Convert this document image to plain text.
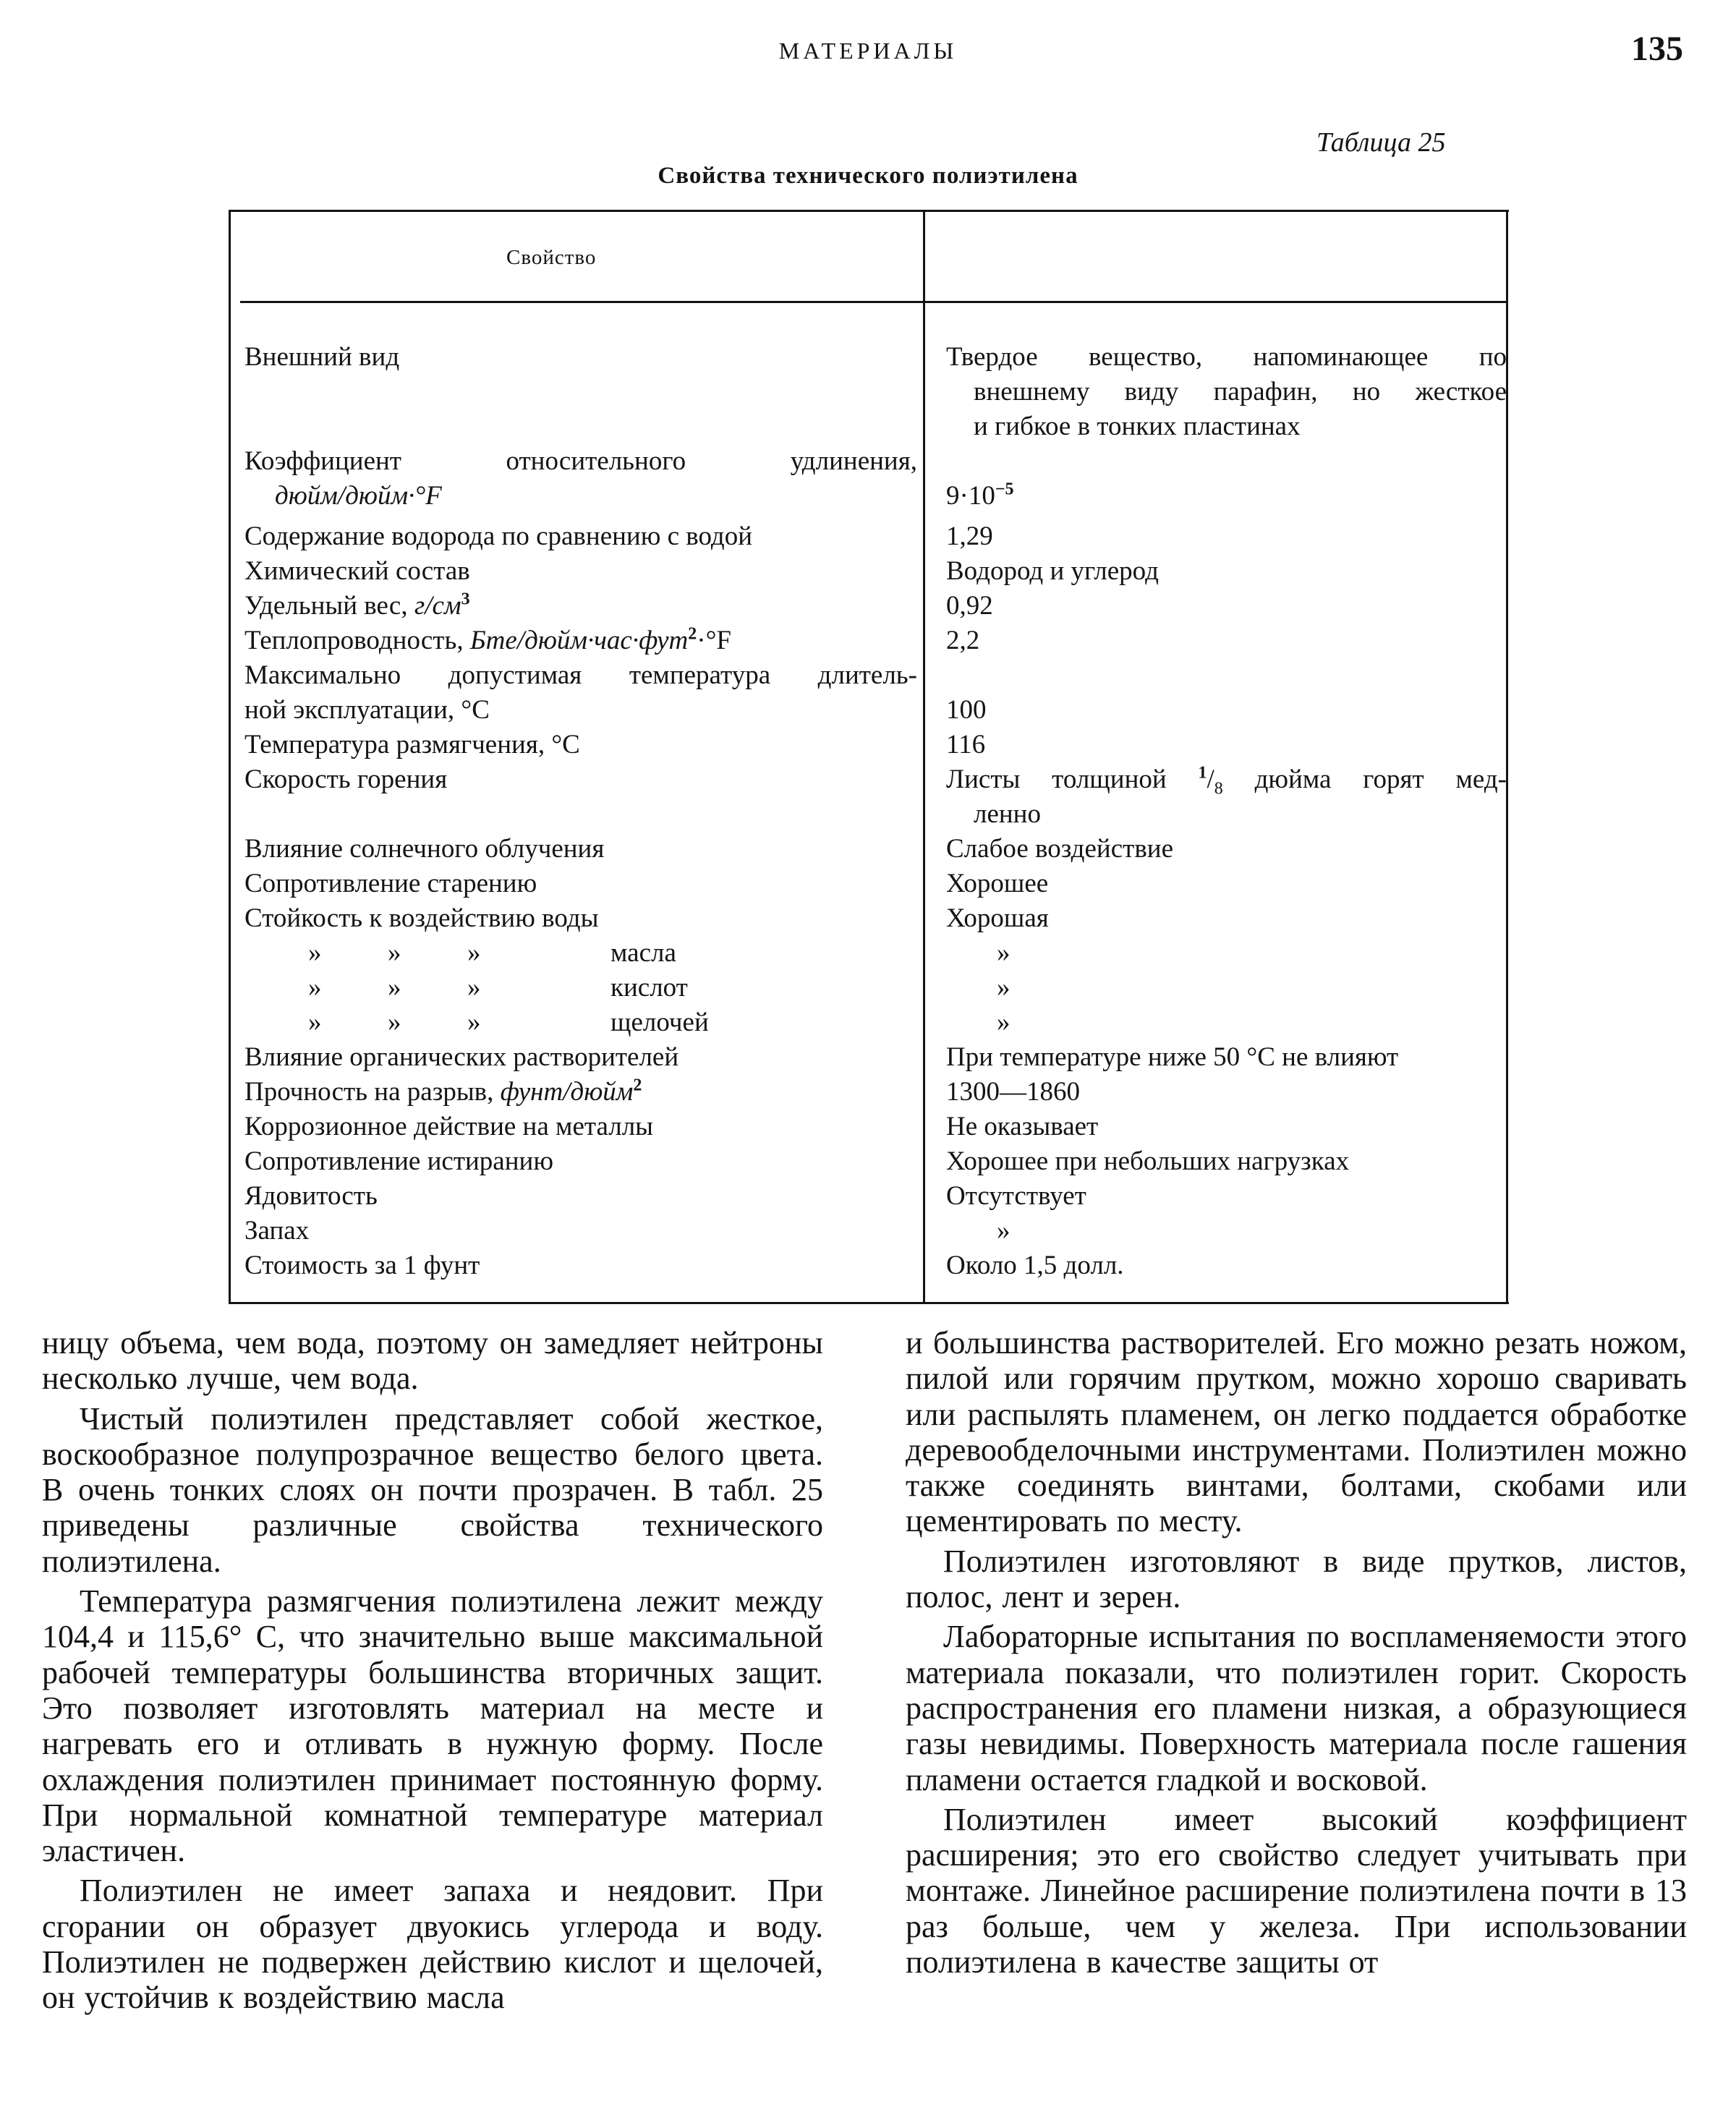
МАТЕРИАЛЫ	135
Таблица 25
Свойства технического полиэтилена
Свойство
Внешний вид	Твердое вещество, напоминающее по
внешнему виду парафин, но жесткое
и гибкое в тонких пластинах
Коэффициент относительного удлинения,
дюйм/дюйм·°F	$9\cdot 10^{-5}$
Содержание водорода по сравнению с водой	1,29
Химический состав	Водород и углерод
Удельный вес, $г/см^3$	0,92
Теплопроводность, Бте/дюйм·час·фут$^2$·°F	2,2
Максимально допустимая температура длитель-
ной эксплуатации, °C	100
Температура размягчения, °C	116
Скорость горения	Листы толщиной $^1/_8$ дюйма горят мед-
ленно
Влияние солнечного облучения	Слабое воздействие
Сопротивление старению	Хорошее
Стойкость к воздействию воды	Хорошая
» » »	масла	»
» » »	кислот	»
» » »	щелочей	»
Влияние органических растворителей	При температуре ниже 50 °C не влияют
Прочность на разрыв, фунт/дюйм$^2$	1300—1860
Коррозионное действие на металлы	Не оказывает
Сопротивление истиранию	Хорошее при небольших нагрузках
Ядовитость	Отсутствует
Запах	»
Стоимость за 1 фунт	Около 1,5 долл.

ницу объема, чем вода, поэтому он замедляет нейтроны несколько лучше, чем вода.

Чистый полиэтилен представляет собой жесткое, воскообразное полупрозрачное вещество белого цвета. В очень тонких слоях он почти прозрачен. В табл. 25 приведены различные свойства технического полиэтилена.

Температура размягчения полиэтилена лежит между 104,4 и 115,6° C, что значительно выше максимальной рабочей температуры большинства вторичных защит. Это позволяет изготовлять материал на месте и нагревать его и отливать в нужную форму. После охлаждения полиэтилен принимает постоянную форму. При нормальной комнатной температуре материал эластичен.

Полиэтилен не имеет запаха и неядовит. При сгорании он образует двуокись углерода и воду. Полиэтилен не подвержен действию кислот и щелочей, он устойчив к воздействию масла

и большинства растворителей. Его можно резать ножом, пилой или горячим прутком, можно хорошо сваривать или распылять пламенем, он легко поддается обработке деревообделочными инструментами. Полиэтилен можно также соединять винтами, болтами, скобами или цементировать по месту.

Полиэтилен изготовляют в виде прутков, листов, полос, лент и зерен.

Лабораторные испытания по воспламеняемости этого материала показали, что полиэтилен горит. Скорость распространения его пламени низкая, а образующиеся газы невидимы. Поверхность материала после гашения пламени остается гладкой и восковой.

Полиэтилен имеет высокий коэффициент расширения; это его свойство следует учитывать при монтаже. Линейное расширение полиэтилена почти в 13 раз больше, чем у железа. При использовании полиэтилена в качестве защиты от
